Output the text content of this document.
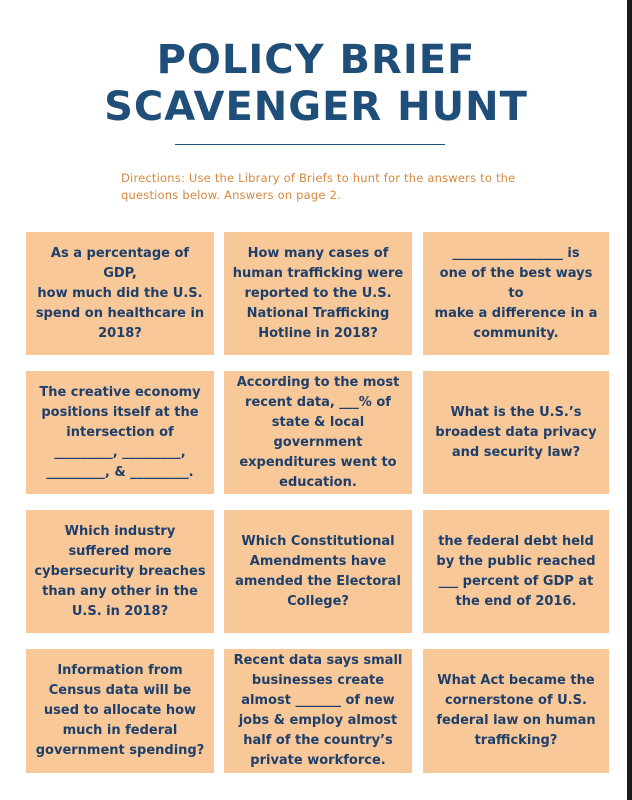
POLICY BRIEF
SCAVENGER HUNT
Directions: Use the Library of Briefs to hunt for the answers to the questions below. Answers on page 2.
As a percentage of GDP,
how much did the U.S.
spend on healthcare in
2018?
How many cases of
human trafficking were
reported to the U.S.
National Trafficking
Hotline in 2018?
_________________ is
one of the best ways to
make a difference in a
community.
The creative economy
positions itself at the
intersection of
_________, _________,
_________, & _________.
According to the most
recent data, ___% of
state & local
government
expenditures went to
education.
What is the U.S.’s
broadest data privacy
and security law?
Which industry
suffered more
cybersecurity breaches
than any other in the
U.S. in 2018?
Which Constitutional
Amendments have
amended the Electoral
College?
the federal debt held
by the public reached
___ percent of GDP at
the end of 2016.
Information from
Census data will be
used to allocate how
much in federal
government spending?
Recent data says small
businesses create
almost _______ of new
jobs & employ almost
half of the country’s
private workforce.
What Act became the
cornerstone of U.S.
federal law on human
trafficking?
